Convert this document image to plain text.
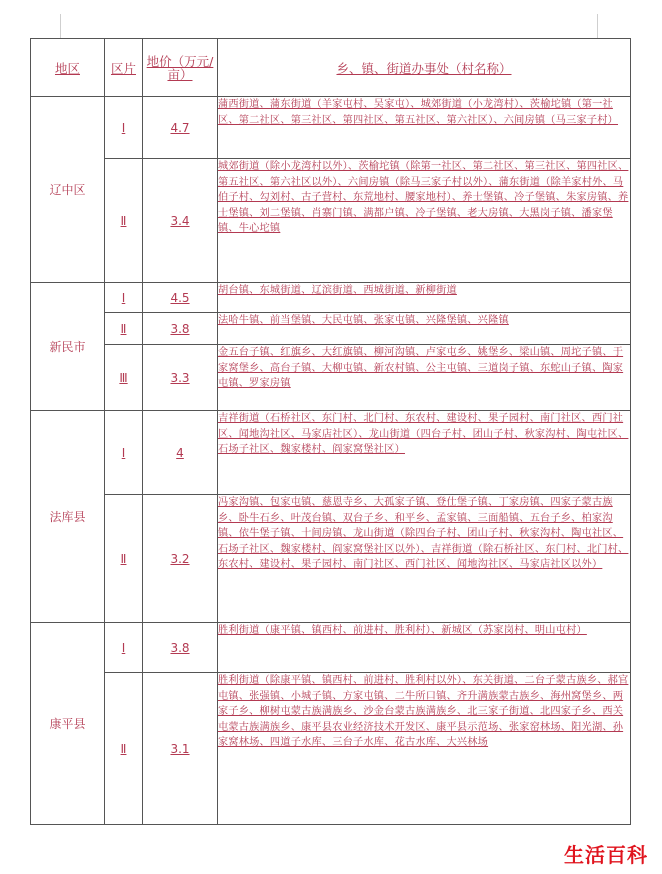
地区	区片	地价（万元/亩）	乡、镇、街道办事处（村名称）
辽中区	Ⅰ	4.7	蒲西街道、蒲东街道（羊家屯村、吴家屯）、城郊街道（小龙湾村）、茨榆坨镇（第一社区、第二社区、第三社区、第四社区、第五社区、第六社区）、六间房镇（马三家子村）
	Ⅱ	3.4	城郊街道（除小龙湾村以外）、茨榆坨镇（除第一社区、第二社区、第三社区、第四社区、第五社区、第六社区以外）、六间房镇（除马三家子村以外）、蒲东街道（除羊家村外、马伯子村、勾刘村、古子营村、东荒地村、腰家地村）、养士堡镇、冷子堡镇、朱家房镇、养士堡镇、刘二堡镇、肖寨门镇、满都户镇、冷子堡镇、老大房镇、大黑岗子镇、潘家堡镇、牛心坨镇
新民市	Ⅰ	4.5	胡台镇、东城街道、辽滨街道、西城街道、新柳街道
	Ⅱ	3.8	法哈牛镇、前当堡镇、大民屯镇、张家屯镇、兴隆堡镇、兴隆镇
	Ⅲ	3.3	金五台子镇、红旗乡、大红旗镇、柳河沟镇、卢家屯乡、姚堡乡、梁山镇、周坨子镇、于家窝堡乡、高台子镇、大柳屯镇、新农村镇、公主屯镇、三道岗子镇、东蛇山子镇、陶家屯镇、罗家房镇
法库县	Ⅰ	4	吉祥街道（石桥社区、东门村、北门村、东农村、建设村、果子园村、南门社区、西门社区、闻地沟社区、马家店社区）、龙山街道（四台子村、团山子村、秋家沟村、陶屯社区、石场子社区、魏家楼村、阎家窝堡社区）
	Ⅱ	3.2	冯家沟镇、包家屯镇、慈恩寺乡、大孤家子镇、登仕堡子镇、丁家房镇、四家子蒙古族乡、卧牛石乡、叶茂台镇、双台子乡、和平乡、孟家镇、三面船镇、五台子乡、柏家沟镇、依牛堡子镇、十间房镇、龙山街道（除四台子村、团山子村、秋家沟村、陶屯社区、石场子社区、魏家楼村、阎家窝堡社区以外）、吉祥街道（除石桥社区、东门村、北门村、东农村、建设村、果子园村、南门社区、西门社区、闻地沟社区、马家店社区以外）
康平县	Ⅰ	3.8	胜利街道（康平镇、镇西村、前进村、胜利村）、新城区（苏家岗村、明山屯村）
	Ⅱ	3.1	胜利街道（除康平镇、镇西村、前进村、胜利村以外）、东关街道、二台子蒙古族乡、郝官屯镇、张强镇、小城子镇、方家屯镇、二牛所口镇、齐升满族蒙古族乡、海州窝堡乡、两家子乡、柳树屯蒙古族满族乡、沙金台蒙古族满族乡、北三家子街道、北四家子乡、西关屯蒙古族满族乡、康平县农业经济技术开发区、康平县示范场、张家窑林场、阳光湖、孙家窝林场、四道子水库、三台子水库、花古水库、大兴林场
生活百科
